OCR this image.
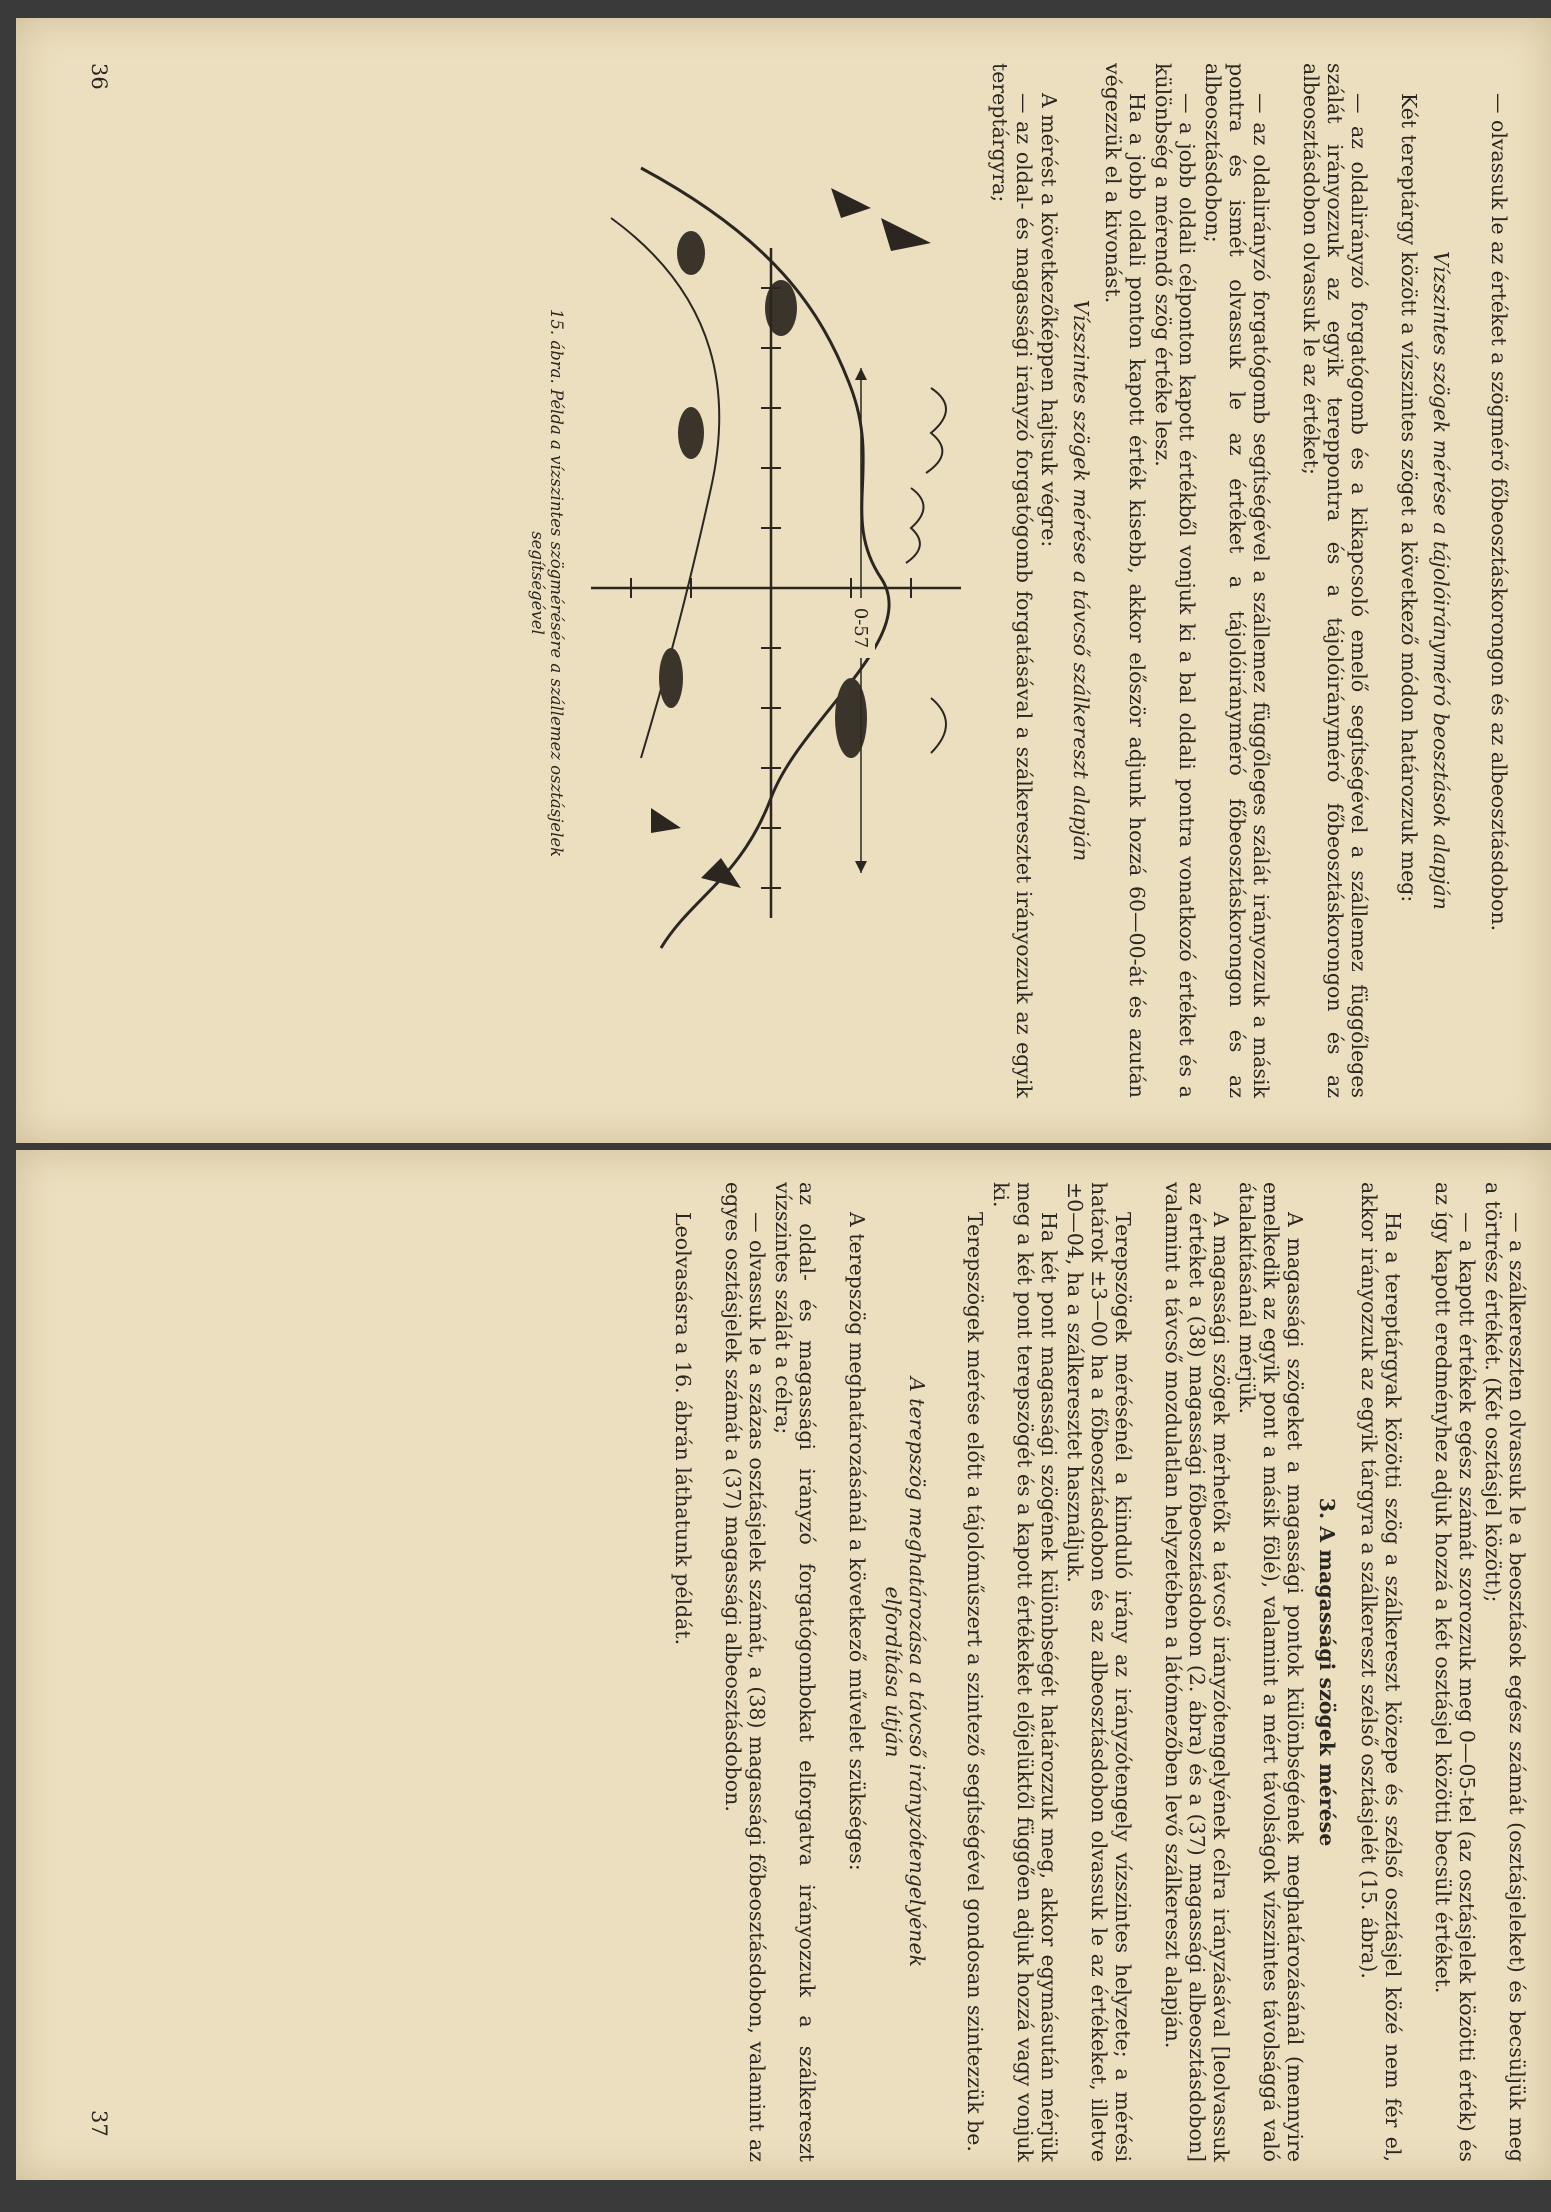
— olvassuk le az értéket a szögmérő főbeosztáskorongon és az albeosztásdobon.

Vízszintes szögek mérése a tájolóirányméró beosztások alapján

Két tereptárgy között a vízszintes szöget a következő módon határozzuk meg:

— az oldalirányzó forgatógomb és a kikapcsoló emelő segítségével a szállemez függőleges szálát irányozzuk az egyik tereppontra és a tájolóirányméró főbeosztáskorongon és az albeosztásdobon olvassuk le az értéket;

— az oldalirányzó forgatógomb segítségével a szállemez függőleges szálát irányozzuk a másik pontra és ismét olvassuk le az értéket a tájolóirányméró főbeosztáskorongon és az albeosztásdobon;

— a jobb oldali célponton kapott értékből vonjuk ki a bal oldali pontra vonatkozó értéket és a különbség a mérendő szög értéke lesz.

Ha a jobb oldali ponton kapott érték kisebb, akkor először adjunk hozzá 60—00-át és azután végezzük el a kivonást.

Vízszintes szögek mérése a távcső szálkereszt alapján

A mérést a következőképpen hajtsuk végre:

— az oldal- és magassági irányzó forgatógomb forgatásával a szálkeresztet irányozzuk az egyik tereptárgyra;

0-57
15. ábra. Példa a vízszintes szögmérésére a szállemez osztásjelek
segítségével
36

— a szálkereszten olvassuk le a beosztások egész számát (osztásjeleket) és becsüljük meg a törtrész értékét. (Két osztásjel között);

— a kapott értékek egész számát szorozzuk meg 0—05-tel (az osztásjelek közötti érték) és az így kapott eredményhez adjuk hozzá a két osztásjel közötti becsült értéket.

Ha a tereptárgyak közötti szög a szálkereszt közepe és szélső osztásjel közé nem fér el, akkor irányozzuk az egyik tárgyra a szálkereszt szélső osztásjelét (15. ábra).

3. A magassági szögek mérése

A magassági szögeket a magassági pontok különbségének meghatározásánál (mennyire emelkedik az egyik pont a másik fölé), valamint a mért távolságok vízszintes távolsággá való átalakításánál mérjük.

A magassági szögek mérhetők a távcső irányzótengelyének célra irányzásával [leolvassuk az értéket a (38) magassági főbeosztásdobon (2. ábra) és a (37) magassági albeosztásdobon] valamint a távcső mozdulatlan helyzetében a látómezőben levő szálkereszt alapján.

Terepszögek mérésénél a kiinduló irány az irányzótengely vízszintes helyzete; a mérési határok ±3—00 ha a főbeosztásdobon és az albeosztásdobon olvassuk le az értékeket, illetve ±0—04, ha a szálkeresztet használjuk.

Ha két pont magassági szögének különbségét határozzuk meg, akkor egymásután mérjük meg a két pont terepszögét és a kapott értékeket előjelüktől függően adjuk hozzá vagy vonjuk ki.

Terepszögek mérése előtt a tájolóműszert a szintező segítségével gondosan szintezzük be.

A terepszög meghatározása a távcső irányzótengelyének
elfordítása útján

A terepszög meghatározásánál a következő művelet szükséges:

az oldal- és magassági irányzó forgatógombokat elforgatva irányozzuk a szálkereszt vízszintes szálát a célra;

— olvassuk le a százas osztásjelek számát, a (38) magassági főbeosztásdobon, valamint az egyes osztásjelek számát a (37) magassági albeosztásdobon.

Leolvasásra a 16. ábrán láthatunk példát.

37
